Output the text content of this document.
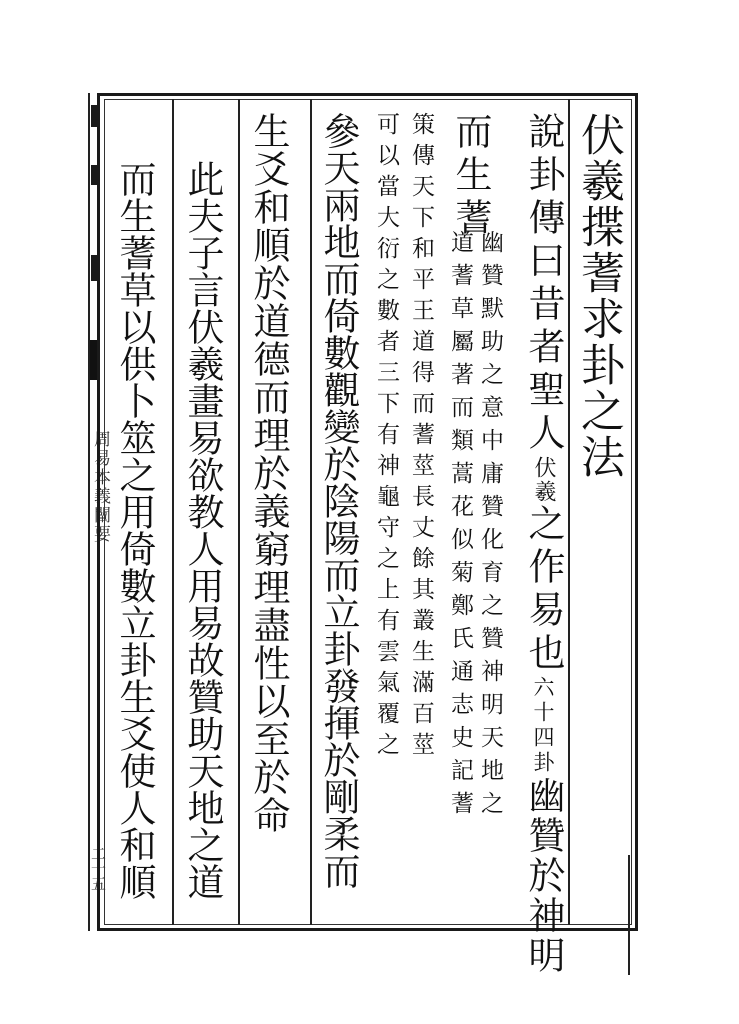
周易本義闡要
二十五
伏羲揲蓍求卦之法
說卦傳曰昔者聖人伏羲之作易也六十四卦幽贊於神明
而生蓍
幽贊默助之意中庸贊化育之贊神明天地之
道蓍草屬著而類蒿花似菊鄭氏通志史記蓍
策傳天下和平王道得而蓍莖長丈餘其叢生滿百莖
可以當大衍之數者三下有神龜守之上有雲氣覆之
參天兩地而倚數觀變於陰陽而立卦發揮於剛柔而
生爻和順於道德而理於義窮理盡性以至於命
此夫子言伏羲畫易欲教人用易故贊助天地之道
而生蓍草以供卜筮之用倚數立卦生爻使人和順
